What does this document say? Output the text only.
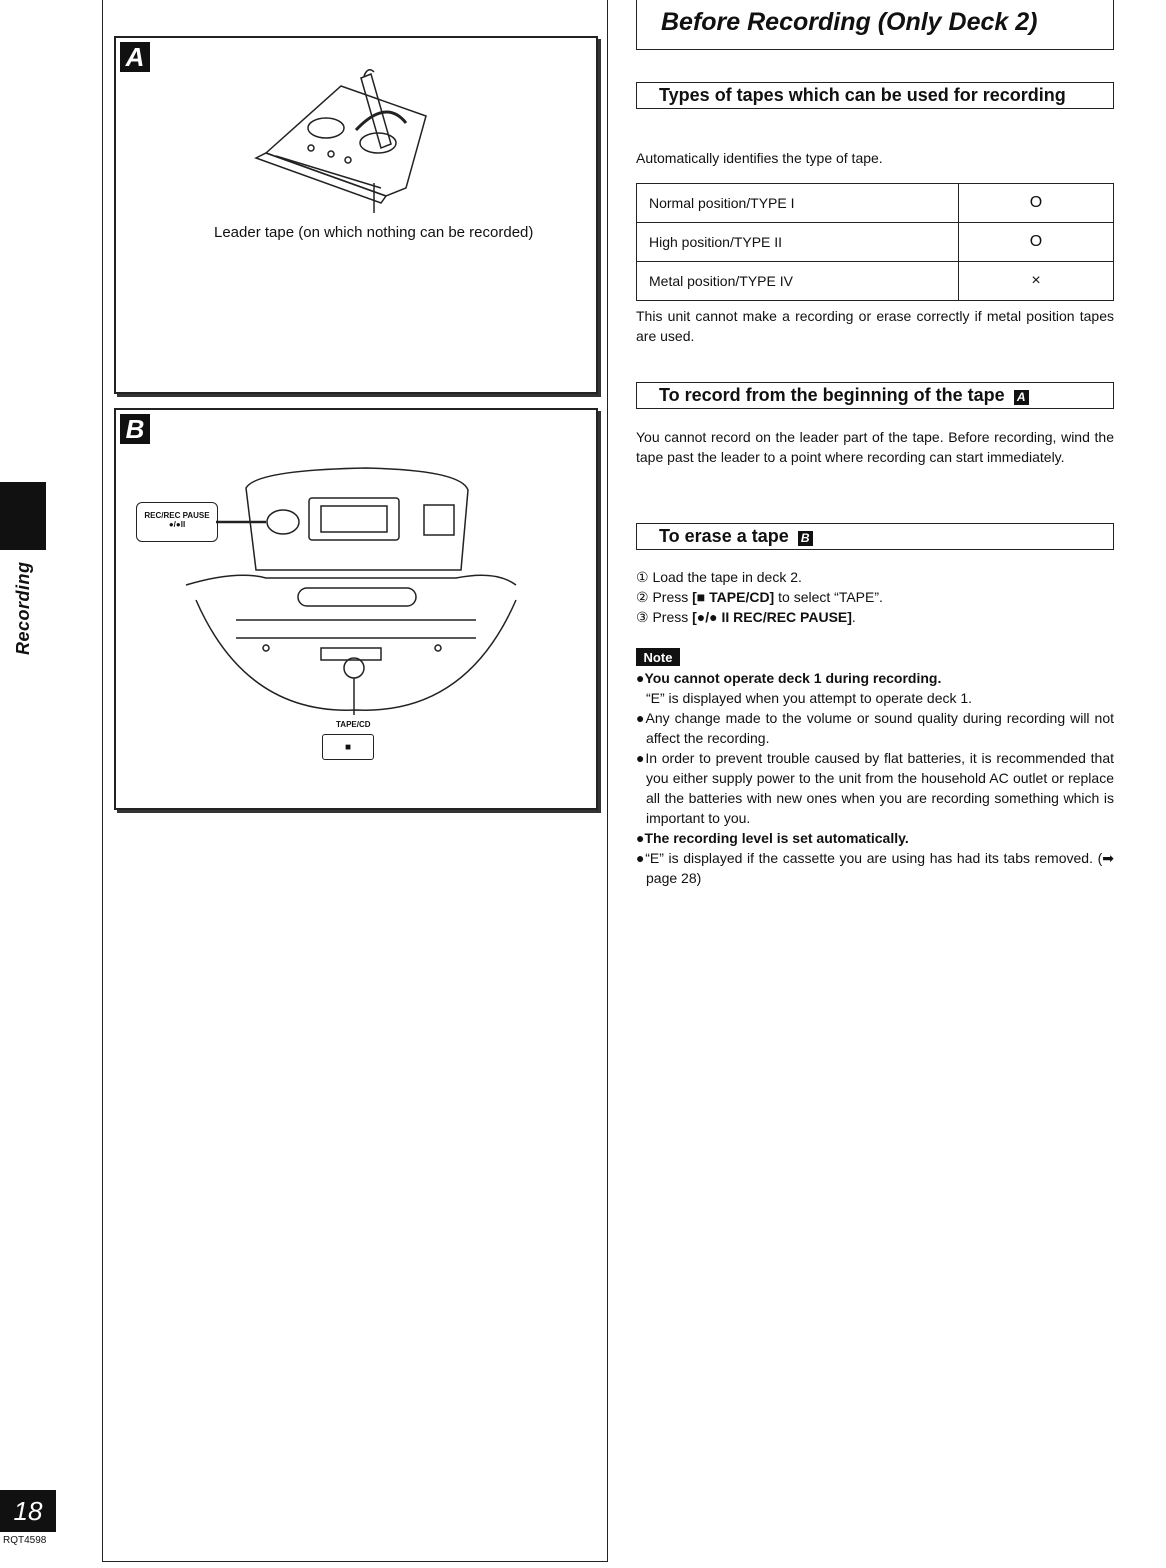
Recording
18
RQT4598
A
Leader tape (on which nothing can be recorded)
B
REC/REC PAUSE
●/●II
TAPE/CD
■
Before Recording (Only Deck 2)
Types of tapes which can be used for recording
Automatically identifies the type of tape.
Normal position/TYPE I	O
High position/TYPE II	O
Metal position/TYPE IV	×
This unit cannot make a recording or erase correctly if metal position tapes are used.
To record from the beginning of the tape A
You cannot record on the leader part of the tape. Before recording, wind the tape past the leader to a point where recording can start immediately.
To erase a tape B
① Load the tape in deck 2.
② Press [■ TAPE/CD] to select “TAPE”.
③ Press [●/● II REC/REC PAUSE].
Note
●You cannot operate deck 1 during recording.
“E” is displayed when you attempt to operate deck 1.
●Any change made to the volume or sound quality during recording will not affect the recording.
●In order to prevent trouble caused by flat batteries, it is recommended that you either supply power to the unit from the household AC outlet or replace all the batteries with new ones when you are recording something which is important to you.
●The recording level is set automatically.
●“E” is displayed if the cassette you are using has had its tabs removed. (➡ page 28)
